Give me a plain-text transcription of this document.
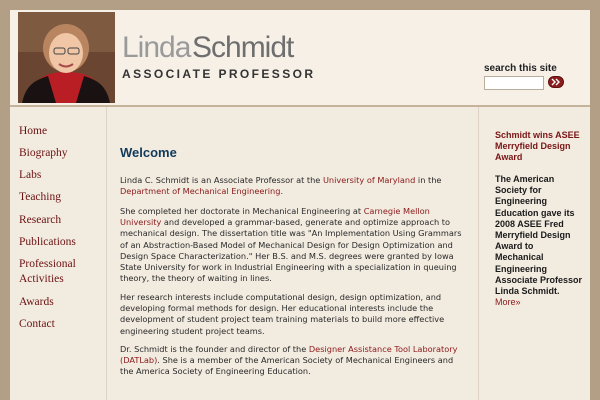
Linda Schmidt
ASSOCIATE PROFESSOR	search this site
Home
Biography
Labs
Teaching
Research
Publications
Professional Activities
Awards
Contact
Welcome
Linda C. Schmidt is an Associate Professor at the University of Maryland in the Department of Mechanical Engineering.
She completed her doctorate in Mechanical Engineering at Carnegie Mellon University and developed a grammar-based, generate and optimize approach to mechanical design. The dissertation title was "An Implementation Using Grammars of an Abstraction-Based Model of Mechanical Design for Design Optimization and Design Space Characterization." Her B.S. and M.S. degrees were granted by Iowa State University for work in Industrial Engineering with a specialization in queuing theory, the theory of waiting in lines.
Her research interests include computational design, design optimization, and developing formal methods for design. Her educational interests include the development of student project team training materials to build more effective engineering student project teams.
Dr. Schmidt is the founder and director of the Designer Assistance Tool Laboratory (DATLab). She is a member of the American Society of Mechanical Engineers and the America Society of Engineering Education.
Schmidt wins ASEE Merryfield Design Award
The American Society for Engineering Education gave its 2008 ASEE Fred Merryfield Design Award to Mechanical Engineering Associate Professor Linda Schmidt. More»
